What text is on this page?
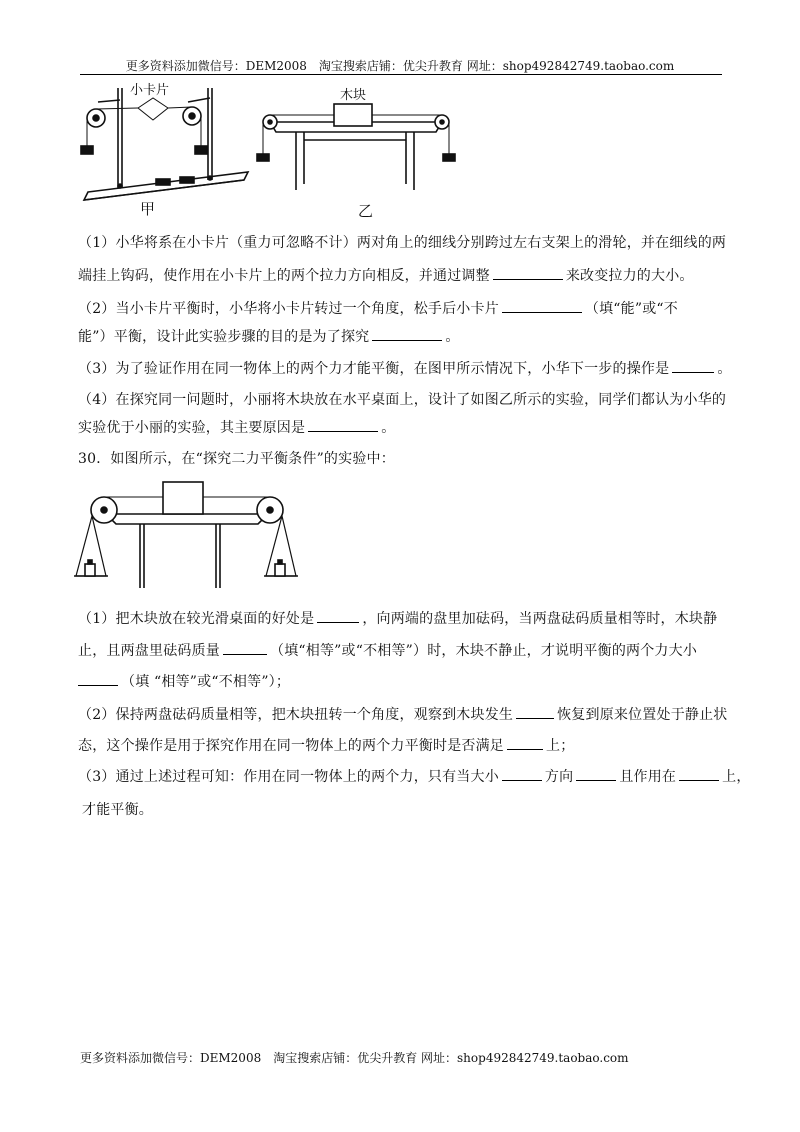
更多资料添加微信号：DEM2008　淘宝搜索店铺：优尖升教育 网址：shop492842749.taobao.com
小卡片
甲
木块
乙
（1）小华将系在小卡片（重力可忽略不计）两对角上的细线分别跨过左右支架上的滑轮，并在细线的两
端挂上钩码，使作用在小卡片上的两个拉力方向相反，并通过调整	来改变拉力的大小。
（2）当小卡片平衡时，小华将小卡片转过一个角度，松手后小卡片	（填“能”或“不
能”）平衡，设计此实验步骤的目的是为了探究	。
（3）为了验证作用在同一物体上的两个力才能平衡，在图甲所示情况下，小华下一步的操作是	。
（4）在探究同一问题时，小丽将木块放在水平桌面上，设计了如图乙所示的实验，同学们都认为小华的
实验优于小丽的实验，其主要原因是	。
30．如图所示，在“探究二力平衡条件”的实验中：
（1）把木块放在较光滑桌面的好处是	，向两端的盘里加砝码，当两盘砝码质量相等时，木块静
止，且两盘里砝码质量	（填“相等”或“不相等”）时，木块不静止，才说明平衡的两个力大小
（填 “相等”或“不相等”）；
（2）保持两盘砝码质量相等，把木块扭转一个角度，观察到木块发生	恢复到原来位置处于静止状
态，这个操作是用于探究作用在同一物体上的两个力平衡时是否满足	上；
（3）通过上述过程可知：作用在同一物体上的两个力，只有当大小	方向	且作用在	上，
才能平衡。
更多资料添加微信号：DEM2008　淘宝搜索店铺：优尖升教育 网址：shop492842749.taobao.com
